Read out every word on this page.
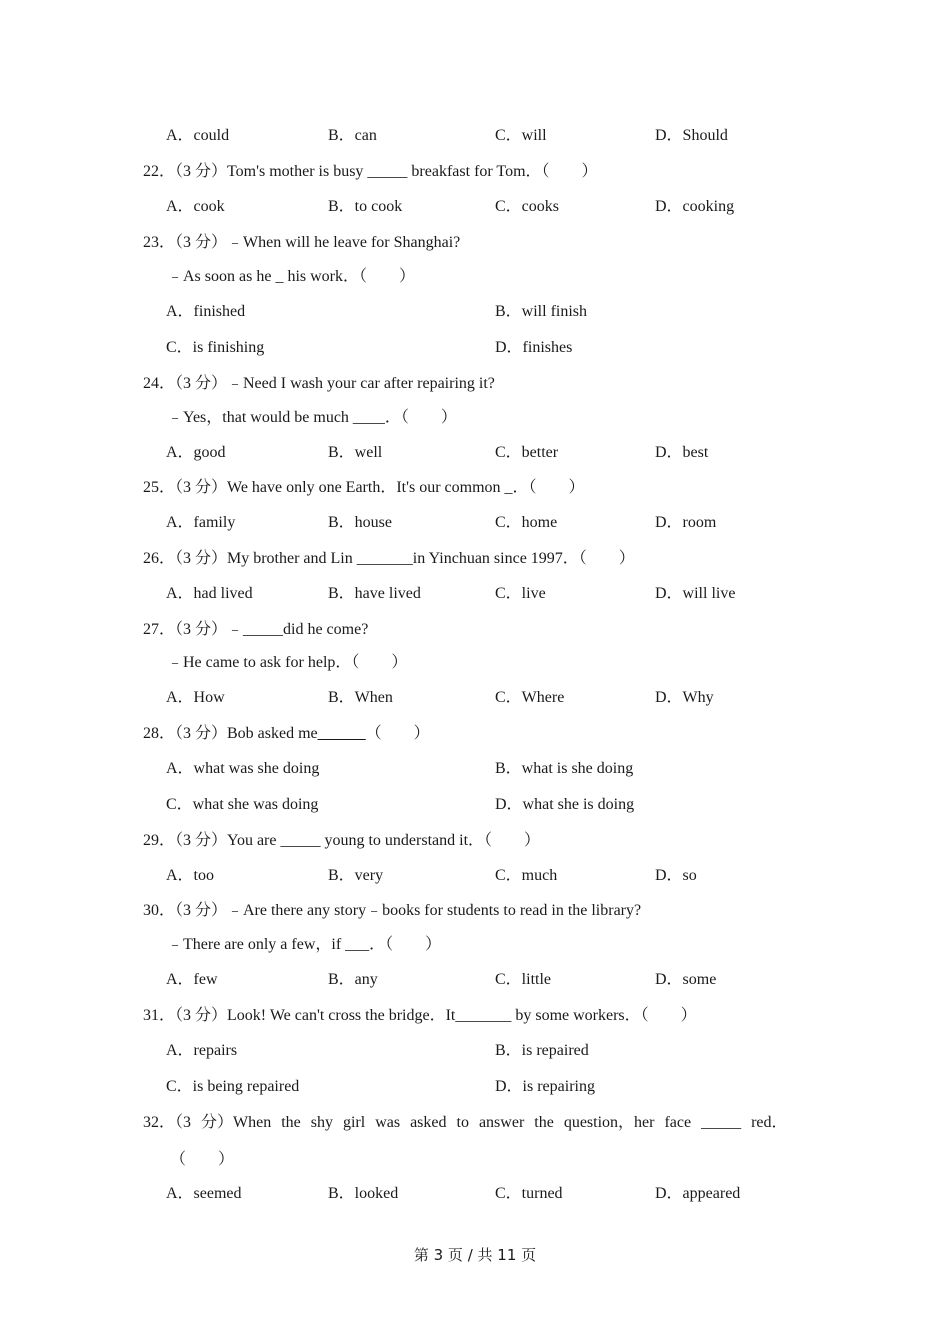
A．could	B．can	C．will	D．Should
22．（3 分）Tom's mother is busy _____ breakfast for Tom．（　　）
A．cook	B．to cook	C．cooks	D．cooking
23．（3 分）﹣When will he leave for Shanghai?
﹣As soon as he _ his work．（　　）
A．finished	B．will finish
C．is finishing	D．finishes
24．（3 分）﹣Need I wash your car after repairing it?
﹣Yes，that would be much ____．（　　）
A．good	B．well	C．better	D．best
25．（3 分）We have only one Earth．It's our common _．（　　）
A．family	B．house	C．home	D．room
26．（3 分）My brother and Lin _______in Yinchuan since 1997．（　　）
A．had lived	B．have lived	C．live	D．will live
27．（3 分）﹣_____did he come?
﹣He came to ask for help．（　　）
A．How	B．When	C．Where	D．Why
28．（3 分）Bob asked me______（　　）
A．what was she doing	B．what is she doing
C．what she was doing	D．what she is doing
29．（3 分）You are _____ young to understand it．（　　）
A．too	B．very	C．much	D．so
30．（3 分）﹣Are there any story﹣books for students to read in the library?
﹣There are only a few，if ___．（　　）
A．few	B．any	C．little	D．some
31．（3 分）Look! We can't cross the bridge．It_______ by some workers．（　　）
A．repairs	B．is repaired
C．is being repaired	D．is repairing
32．（3 分）When the shy girl was asked to answer the question，her face _____ red．
（　　）
A．seemed	B．looked	C．turned	D．appeared
第 3 页 / 共 11 页
